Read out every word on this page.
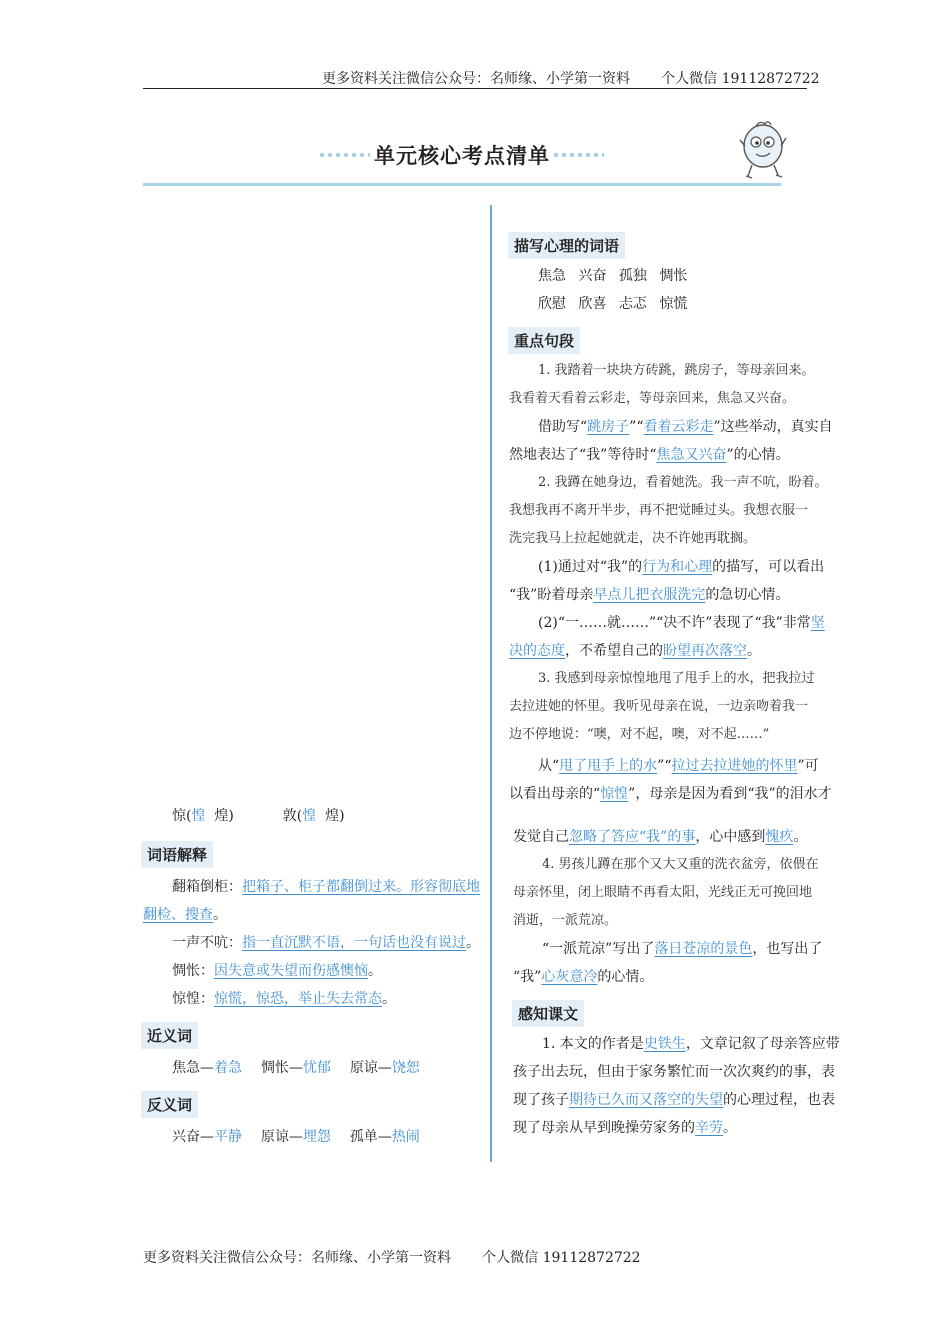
更多资料关注微信公众号：名师缘、小学第一资料       个人微信 19112872722
单元核心考点清单
惊(惶 煌)	敦(惶 煌)
词语解释
翻箱倒柜：把箱子、柜子都翻倒过来。形容彻底地
翻检、搜查。
一声不吭：指一直沉默不语，一句话也没有说过。
惆怅：因失意或失望而伤感懊恼。
惊惶：惊慌，惊恐，举止失去常态。
近义词
焦急—着急 惆怅—忧郁 原谅—饶恕
反义词
兴奋—平静 原谅—埋怨 孤单—热闹
描写心理的词语
焦急 兴奋 孤独 惆怅
欣慰 欣喜 忐忑 惊慌
重点句段
1. 我踏着一块块方砖跳，跳房子，等母亲回来。
我看着天看着云彩走，等母亲回来，焦急又兴奋。
借助写“跳房子”“看着云彩走”这些举动，真实自
然地表达了“我”等待时“焦急又兴奋”的心情。
2. 我蹲在她身边，看着她洗。我一声不吭，盼着。
我想我再不离开半步，再不把觉睡过头。我想衣服一
洗完我马上拉起她就走，决不许她再耽搁。
(1)通过对“我”的行为和心理的描写，可以看出
“我”盼着母亲早点儿把衣服洗完的急切心情。
(2)“一……就……”“决不许”表现了“我”非常坚
决的态度，不希望自己的盼望再次落空。
3. 我感到母亲惊惶地甩了甩手上的水，把我拉过
去拉进她的怀里。我听见母亲在说，一边亲吻着我一
边不停地说：“噢，对不起，噢，对不起……”
从“甩了甩手上的水”“拉过去拉进她的怀里”可
以看出母亲的“惊惶”，母亲是因为看到“我”的泪水才
发觉自己忽略了答应“我”的事，心中感到愧疚。
4. 男孩儿蹲在那个又大又重的洗衣盆旁，依偎在
母亲怀里，闭上眼睛不再看太阳，光线正无可挽回地
消逝，一派荒凉。
“一派荒凉”写出了落日苍凉的景色，也写出了
“我”心灰意冷的心情。
感知课文
1. 本文的作者是史铁生，文章记叙了母亲答应带
孩子出去玩，但由于家务繁忙而一次次爽约的事，表
现了孩子期待已久而又落空的失望的心理过程，也表
现了母亲从早到晚操劳家务的辛劳。
更多资料关注微信公众号：名师缘、小学第一资料       个人微信 19112872722
